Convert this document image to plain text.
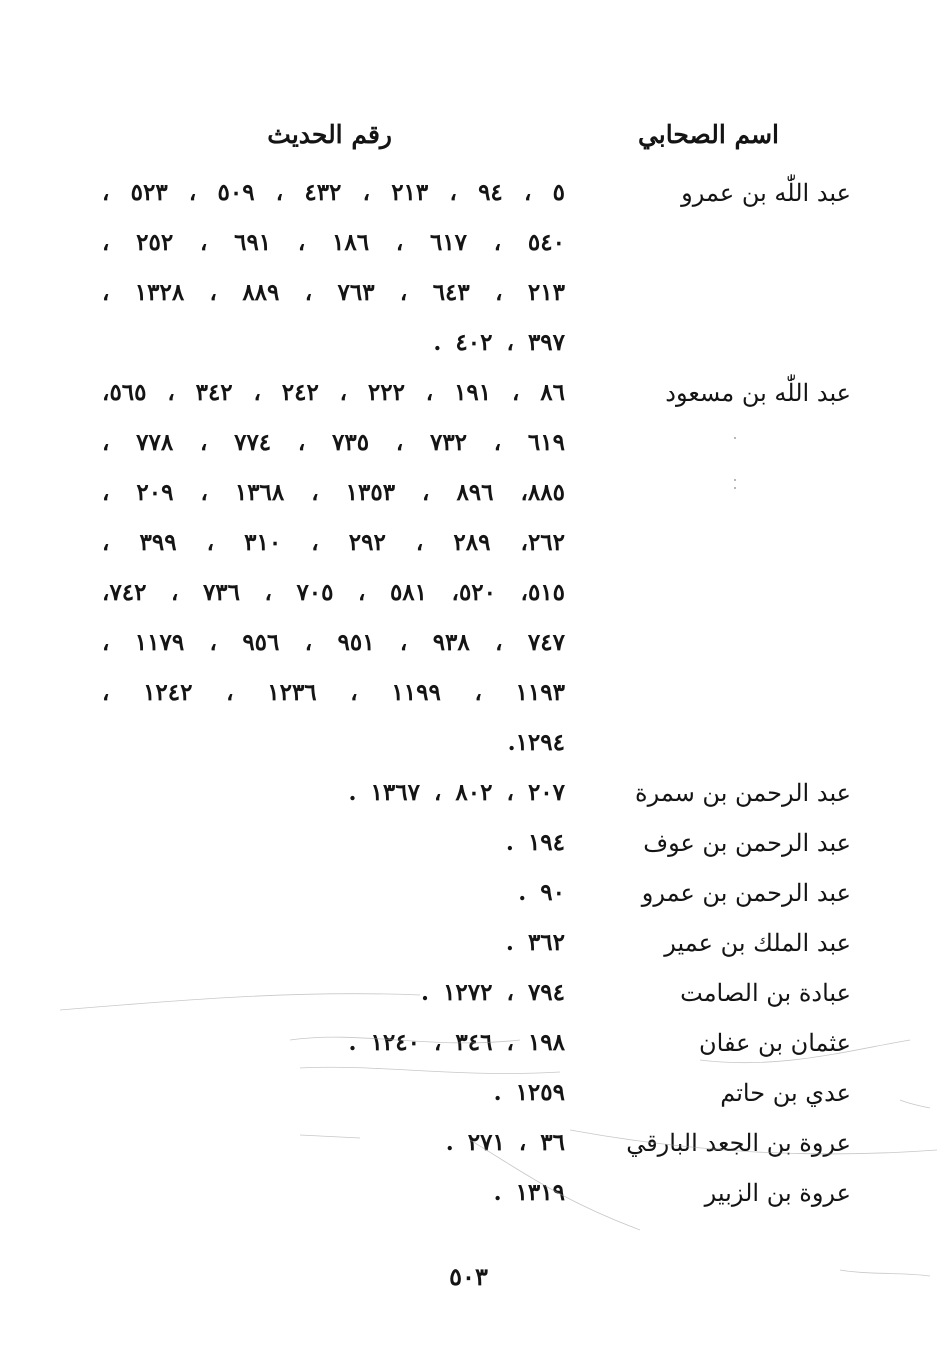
اسم الصحابي
رقم الحديث
عبد اللّٰه بن عمرو
٥ ، ٩٤ ، ٢١٣ ، ٤٣٢ ، ٥٠٩ ، ٥٢٣ ،
٥٤٠ ، ٦١٧ ، ١٨٦ ، ٦٩١ ، ٢٥٢ ،
٢١٣ ، ٦٤٣ ، ٧٦٣ ، ٨٨٩ ، ١٣٢٨ ،
٣٩٧ ، ٤٠٢ .
عبد اللّٰه بن مسعود
٨٦ ، ١٩١ ، ٢٢٢ ، ٢٤٢ ، ٣٤٢ ، ٥٦٥،
٦١٩ ، ٧٣٢ ، ٧٣٥ ، ٧٧٤ ، ٧٧٨ ،
٨٨٥، ٨٩٦ ، ١٣٥٣ ، ١٣٦٨ ، ٢٠٩ ،
٢٦٢، ٢٨٩ ، ٢٩٢ ، ٣١٠ ، ٣٩٩ ،
٥١٥، ٥٢٠، ٥٨١ ، ٧٠٥ ، ٧٣٦ ، ٧٤٢،
٧٤٧ ، ٩٣٨ ، ٩٥١ ، ٩٥٦ ، ١١٧٩ ،
١١٩٣ ، ١١٩٩ ، ١٢٣٦ ، ١٢٤٢ ،
١٢٩٤.
عبد الرحمن بن سمرة
٢٠٧ ، ٨٠٢ ، ١٣٦٧ .
عبد الرحمن بن عوف
١٩٤ .
عبد الرحمن بن عمرو
٩٠ .
عبد الملك بن عمير
٣٦٢ .
عبادة بن الصامت
٧٩٤ ، ١٢٧٢ .
عثمان بن عفان
١٩٨ ، ٣٤٦ ، ١٢٤٠ .
عدي بن حاتم
١٢٥٩ .
عروة بن الجعد البارقي
٣٦ ، ٢٧١ .
عروة بن الزبير
١٣١٩ .
٥٠٣
